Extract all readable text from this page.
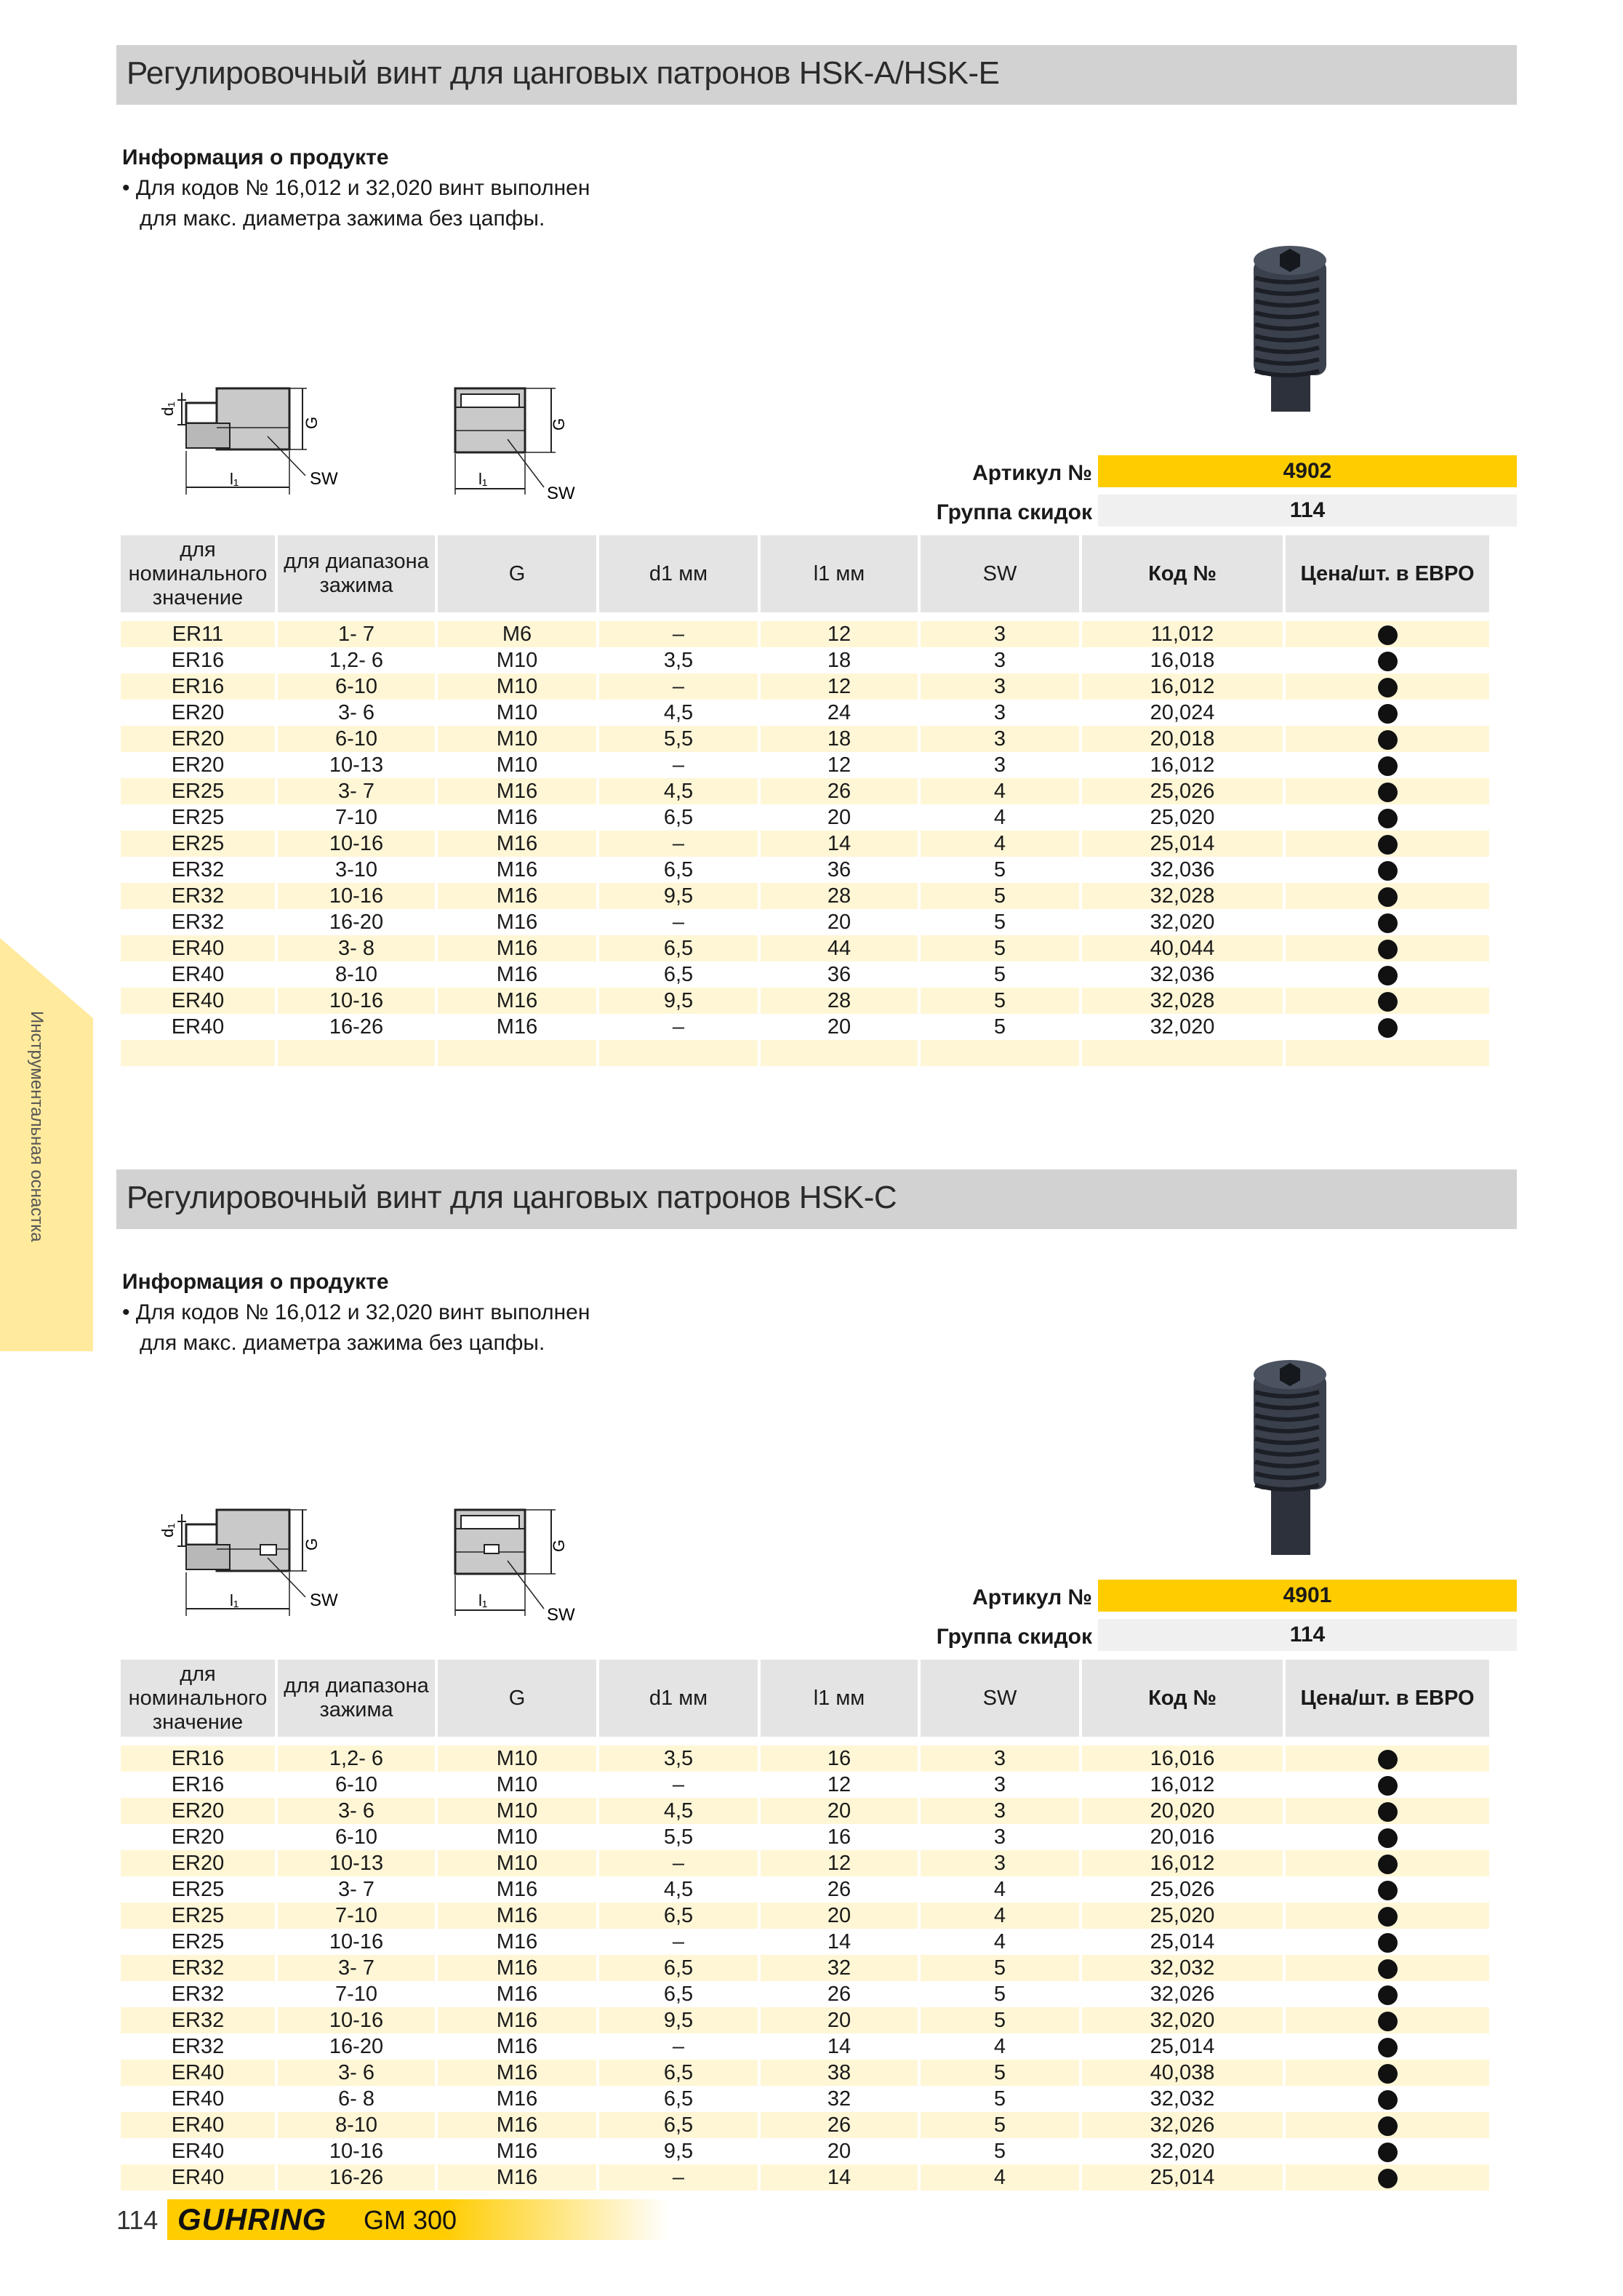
Инструментальная оснастка
Регулировочный винт для цанговых патронов HSK-A/HSK-E
Информация о продукте
• Для кодов № 16,012 и 32,020 винт выполнен для макс. диаметра зажима без цапфы.
d₁
G
l₁	SW
G
l₁
SW
Артикул №	4902
Группа скидок	114
для номинального значение	для диапазона зажима	G	d1 мм	l1 мм	SW	Код №	Цена/шт. в ЕВРО
ER11	1- 7	M6	–	12	3	11,012	
ER16	1,2- 6	M10	3,5	18	3	16,018	
ER16	6-10	M10	–	12	3	16,012	
ER20	3- 6	M10	4,5	24	3	20,024	
ER20	6-10	M10	5,5	18	3	20,018	
ER20	10-13	M10	–	12	3	16,012	
ER25	3- 7	M16	4,5	26	4	25,026	
ER25	7-10	M16	6,5	20	4	25,020	
ER25	10-16	M16	–	14	4	25,014	
ER32	3-10	M16	6,5	36	5	32,036	
ER32	10-16	M16	9,5	28	5	32,028	
ER32	16-20	M16	–	20	5	32,020	
ER40	3- 8	M16	6,5	44	5	40,044	
ER40	8-10	M16	6,5	36	5	32,036	
ER40	10-16	M16	9,5	28	5	32,028	
ER40	16-26	M16	–	20	5	32,020	

Регулировочный винт для цанговых патронов HSK-C
Информация о продукте
• Для кодов № 16,012 и 32,020 винт выполнен для макс. диаметра зажима без цапфы.
d₁
G
l₁	SW
G
l₁
SW
Артикул №	4901
Группа скидок	114
для номинального значение	для диапазона зажима	G	d1 мм	l1 мм	SW	Код №	Цена/шт. в ЕВРО
ER16	1,2- 6	M10	3,5	16	3	16,016	
ER16	6-10	M10	–	12	3	16,012	
ER20	3- 6	M10	4,5	20	3	20,020	
ER20	6-10	M10	5,5	16	3	20,016	
ER20	10-13	M10	–	12	3	16,012	
ER25	3- 7	M16	4,5	26	4	25,026	
ER25	7-10	M16	6,5	20	4	25,020	
ER25	10-16	M16	–	14	4	25,014	
ER32	3- 7	M16	6,5	32	5	32,032	
ER32	7-10	M16	6,5	26	5	32,026	
ER32	10-16	M16	9,5	20	5	32,020	
ER32	16-20	M16	–	14	4	25,014	
ER40	3- 6	M16	6,5	38	5	40,038	
ER40	6- 8	M16	6,5	32	5	32,032	
ER40	8-10	M16	6,5	26	5	32,026	
ER40	10-16	M16	9,5	20	5	32,020	
ER40	16-26	M16	–	14	4	25,014	
114 GUHRING GM 300
